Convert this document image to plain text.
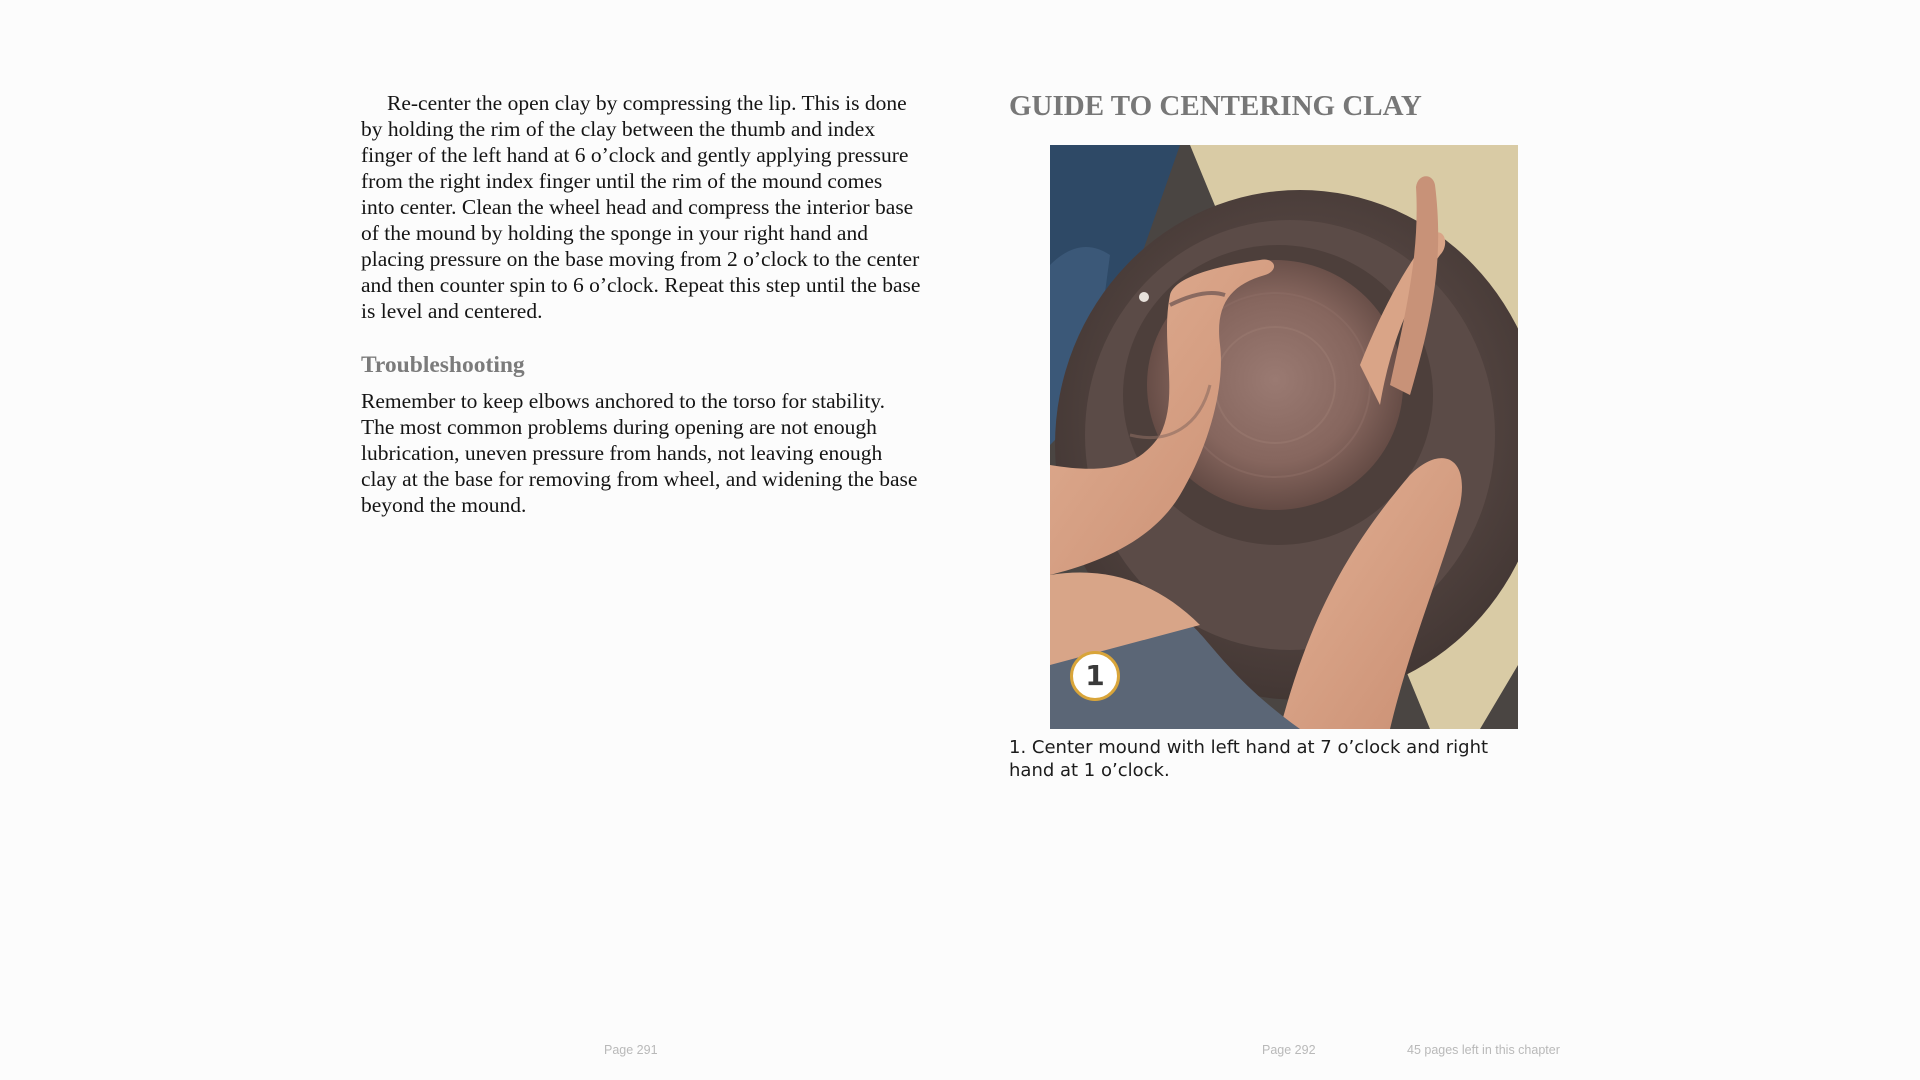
Re-center the open clay by compressing the lip. This is done by holding the rim of the clay between the thumb and index finger of the left hand at 6 o’clock and gently applying pressure from the right index finger until the rim of the mound comes into center. Clean the wheel head and compress the interior base of the mound by holding the sponge in your right hand and placing pressure on the base moving from 2 o’clock to the center and then counter spin to 6 o’clock. Repeat this step until the base is level and centered.

Troubleshooting

Remember to keep elbows anchored to the torso for stability. The most common problems during opening are not enough lubrication, uneven pressure from hands, not leaving enough clay at the base for removing from wheel, and widening the base beyond the mound.

GUIDE TO CENTERING CLAY
1
1. Center mound with left hand at 7 o’clock and right hand at 1 o’clock.
Page 291	Page 292	45 pages left in this chapter
